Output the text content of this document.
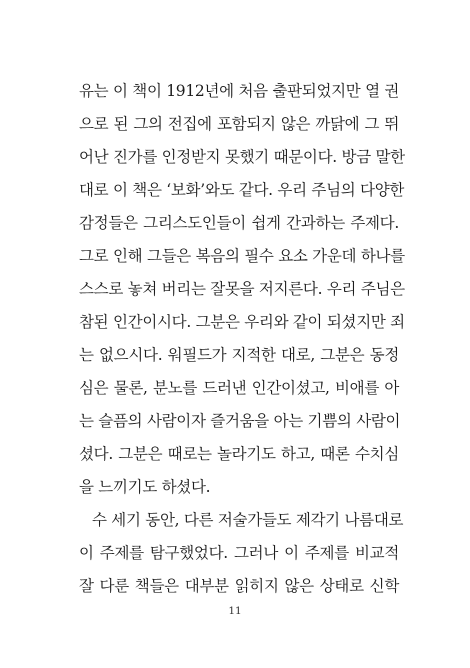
유는 이 책이 1912년에 처음 출판되었지만 열 권
으로 된 그의 전집에 포함되지 않은 까닭에 그 뛰
어난 진가를 인정받지 못했기 때문이다. 방금 말한
대로 이 책은 ‘보화’와도 같다. 우리 주님의 다양한
감정들은 그리스도인들이 쉽게 간과하는 주제다.
그로 인해 그들은 복음의 필수 요소 가운데 하나를
스스로 놓쳐 버리는 잘못을 저지른다. 우리 주님은
참된 인간이시다. 그분은 우리와 같이 되셨지만 죄
는 없으시다. 워필드가 지적한 대로, 그분은 동정
심은 물론, 분노를 드러낸 인간이셨고, 비애를 아
는 슬픔의 사람이자 즐거움을 아는 기쁨의 사람이
셨다. 그분은 때로는 놀라기도 하고, 때론 수치심
을 느끼기도 하셨다.
수 세기 동안, 다른 저술가들도 제각기 나름대로
이 주제를 탐구했었다. 그러나 이 주제를 비교적
잘 다룬 책들은 대부분 읽히지 않은 상태로 신학
11
